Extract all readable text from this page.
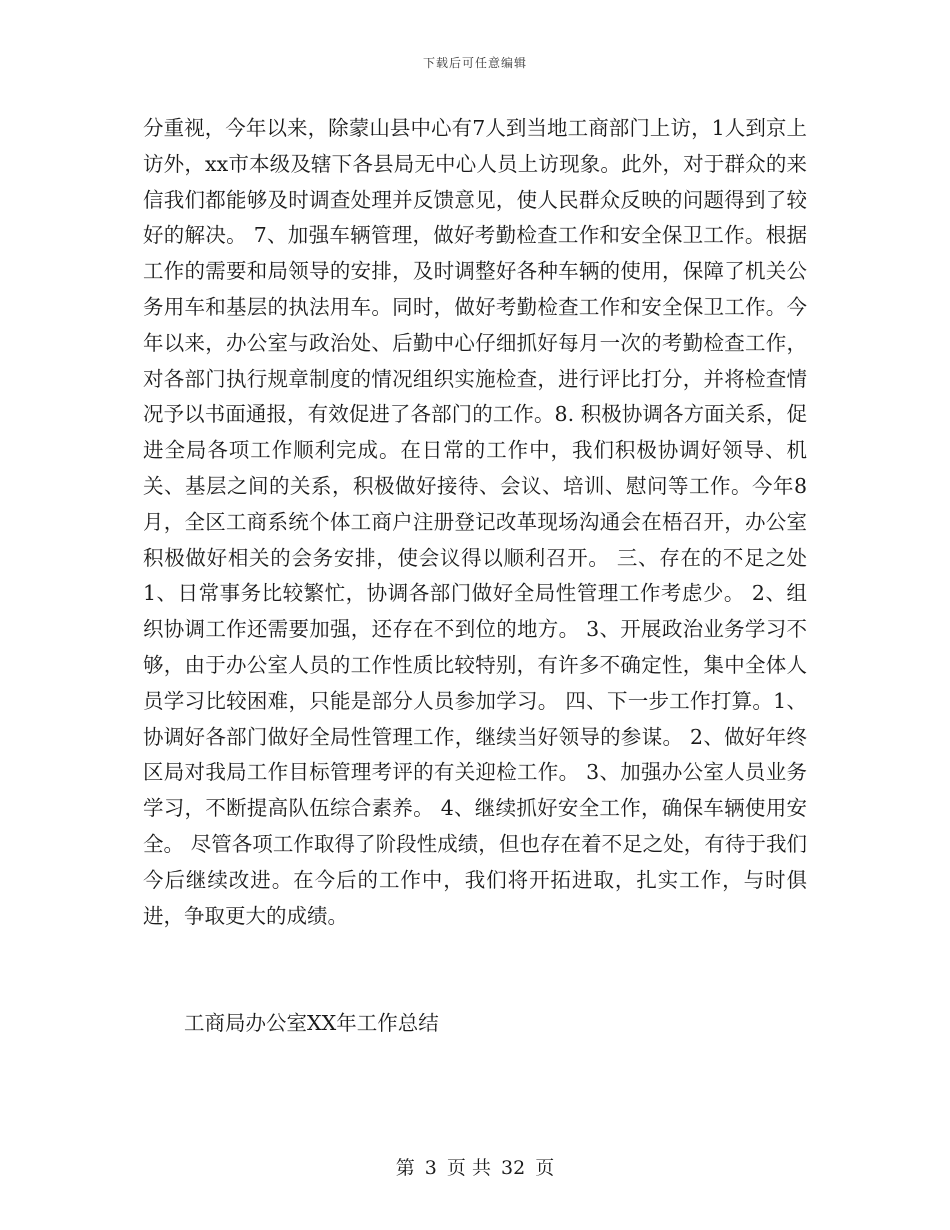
下载后可任意编辑

分重视，今年以来，除蒙山县中心有7人到当地工商部门上访，1人到京上访外，xx市本级及辖下各县局无中心人员上访现象。此外，对于群众的来信我们都能够及时调查处理并反馈意见，使人民群众反映的问题得到了较好的解决。 7、加强车辆管理，做好考勤检查工作和安全保卫工作。根据工作的需要和局领导的安排，及时调整好各种车辆的使用，保障了机关公务用车和基层的执法用车。同时，做好考勤检查工作和安全保卫工作。今年以来，办公室与政治处、后勤中心仔细抓好每月一次的考勤检查工作，对各部门执行规章制度的情况组织实施检查，进行评比打分，并将检查情况予以书面通报，有效促进了各部门的工作。8. 积极协调各方面关系，促进全局各项工作顺利完成。在日常的工作中，我们积极协调好领导、机关、基层之间的关系，积极做好接待、会议、培训、慰问等工作。今年8月，全区工商系统个体工商户注册登记改革现场沟通会在梧召开，办公室积极做好相关的会务安排，使会议得以顺利召开。 三、存在的不足之处 1、日常事务比较繁忙，协调各部门做好全局性管理工作考虑少。 2、组织协调工作还需要加强，还存在不到位的地方。 3、开展政治业务学习不够，由于办公室人员的工作性质比较特别，有许多不确定性，集中全体人员学习比较困难，只能是部分人员参加学习。 四、下一步工作打算。1、协调好各部门做好全局性管理工作，继续当好领导的参谋。 2、做好年终区局对我局工作目标管理考评的有关迎检工作。 3、加强办公室人员业务学习，不断提高队伍综合素养。 4、继续抓好安全工作，确保车辆使用安全。 尽管各项工作取得了阶段性成绩，但也存在着不足之处，有待于我们今后继续改进。在今后的工作中，我们将开拓进取，扎实工作，与时俱进，争取更大的成绩。

工商局办公室XX年工作总结

第 3 页 共 32 页
